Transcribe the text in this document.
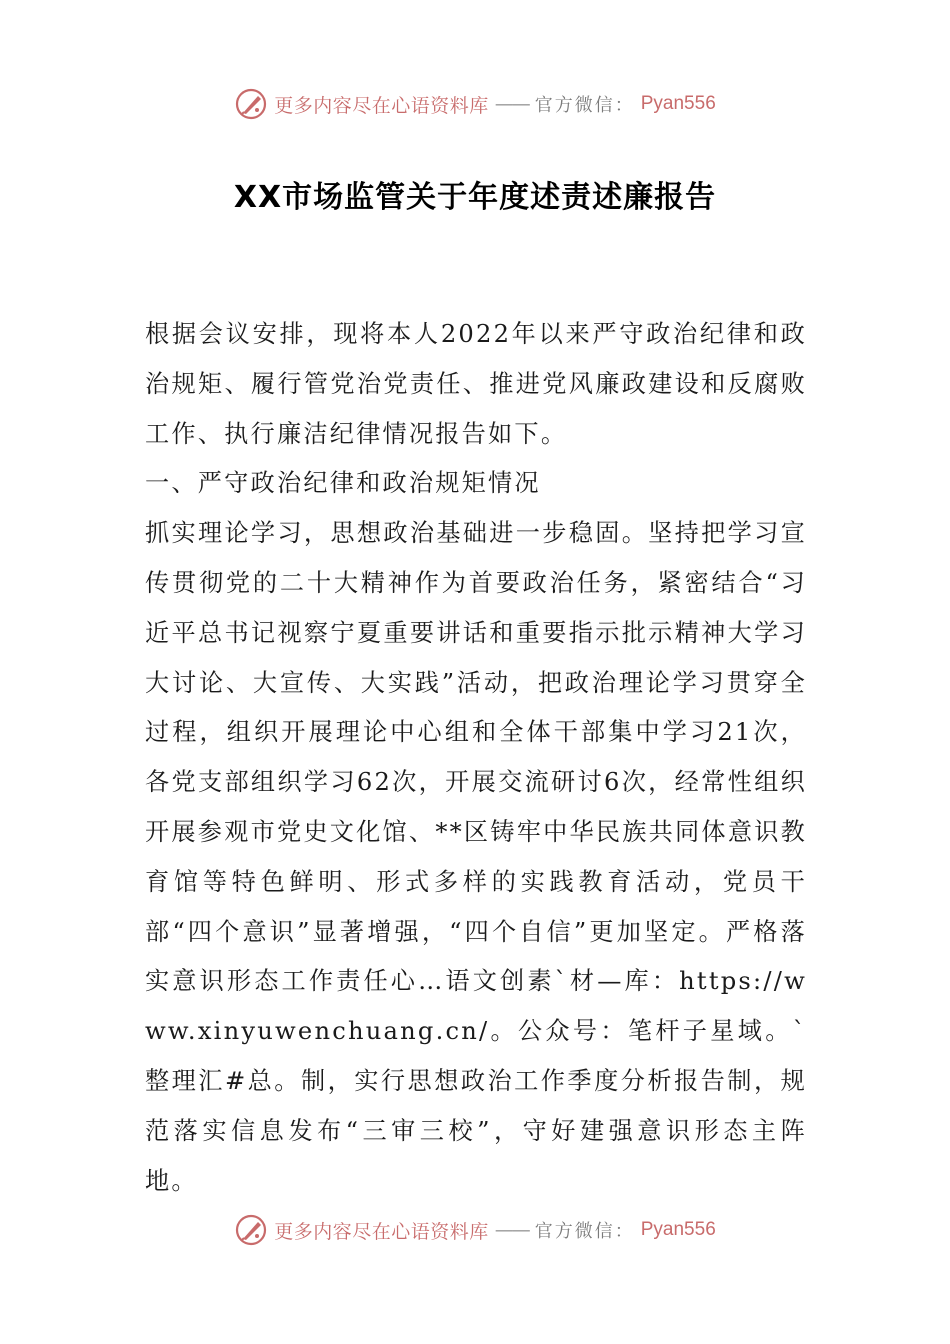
更多内容尽在心语资料库 —— 官方微信： Pyan556
XX市场监管关于年度述责述廉报告

根据会议安排，现将本人2022年以来严守政治纪律和政治规矩、履行管党治党责任、推进党风廉政建设和反腐败工作、执行廉洁纪律情况报告如下。

一、严守政治纪律和政治规矩情况

抓实理论学习，思想政治基础进一步稳固。坚持把学习宣传贯彻党的二十大精神作为首要政治任务，紧密结合“习近平总书记视察宁夏重要讲话和重要指示批示精神大学习大讨论、大宣传、大实践”活动，把政治理论学习贯穿全过程，组织开展理论中心组和全体干部集中学习21次，各党支部组织学习62次，开展交流研讨6次，经常性组织开展参观市党史文化馆、**区铸牢中华民族共同体意识教育馆等特色鲜明、形式多样的实践教育活动，党员干部“四个意识”显著增强，“四个自信”更加坚定。严格落实意识形态工作责任心…语文创素`材—库：https://www.xinyuwenchuang.cn/。公众号：笔杆子星域。`整理汇#总。制，实行思想政治工作季度分析报告制，规范落实信息发布“三审三校”，守好建强意识形态主阵地。

更多内容尽在心语资料库 —— 官方微信： Pyan556
